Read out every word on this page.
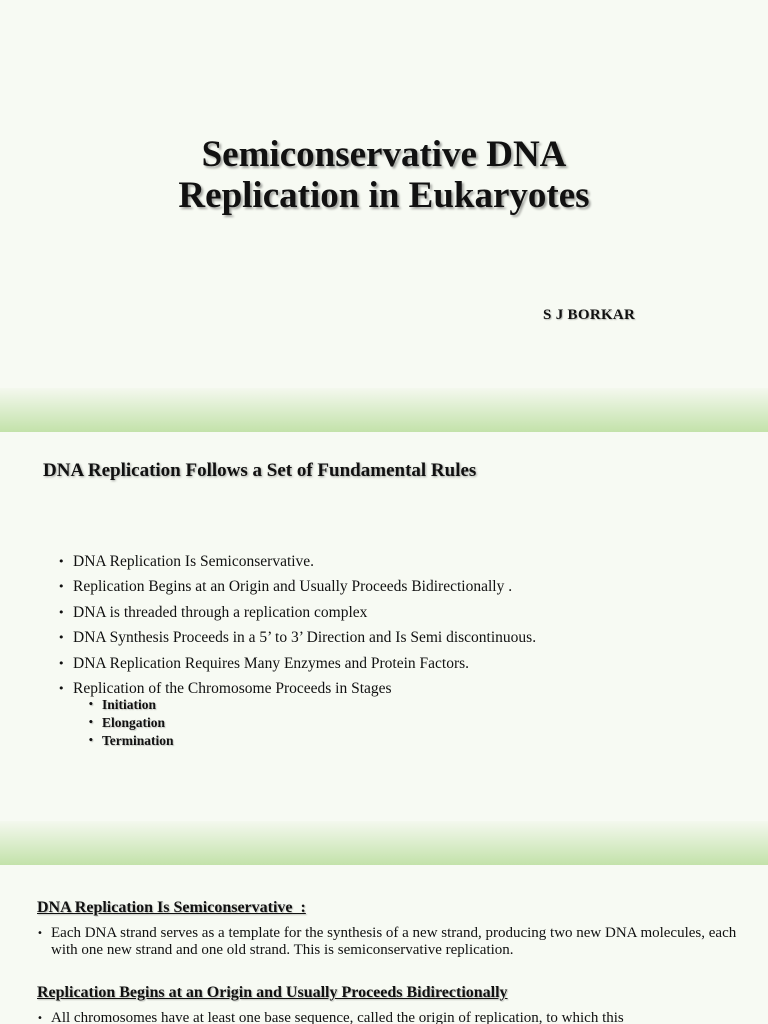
Semiconservative DNA
Replication in Eukaryotes
S J BORKAR
DNA Replication Follows a Set of Fundamental Rules
• DNA Replication Is Semiconservative.
• Replication Begins at an Origin and Usually Proceeds Bidirectionally .
• DNA is threaded through a replication complex
• DNA Synthesis Proceeds in a 5’ to 3’ Direction and Is Semi discontinuous.
• DNA Replication Requires Many Enzymes and Protein Factors.
• Replication of the Chromosome Proceeds in Stages
• Initiation
• Elongation
• Termination
DNA Replication Is Semiconservative  :
• Each DNA strand serves as a template for the synthesis of a new strand, producing two new DNA molecules, each with one new strand and one old strand. This is semiconservative replication.
Replication Begins at an Origin and Usually Proceeds Bidirectionally
• All chromosomes have at least one base sequence, called the origin of replication, to which this
